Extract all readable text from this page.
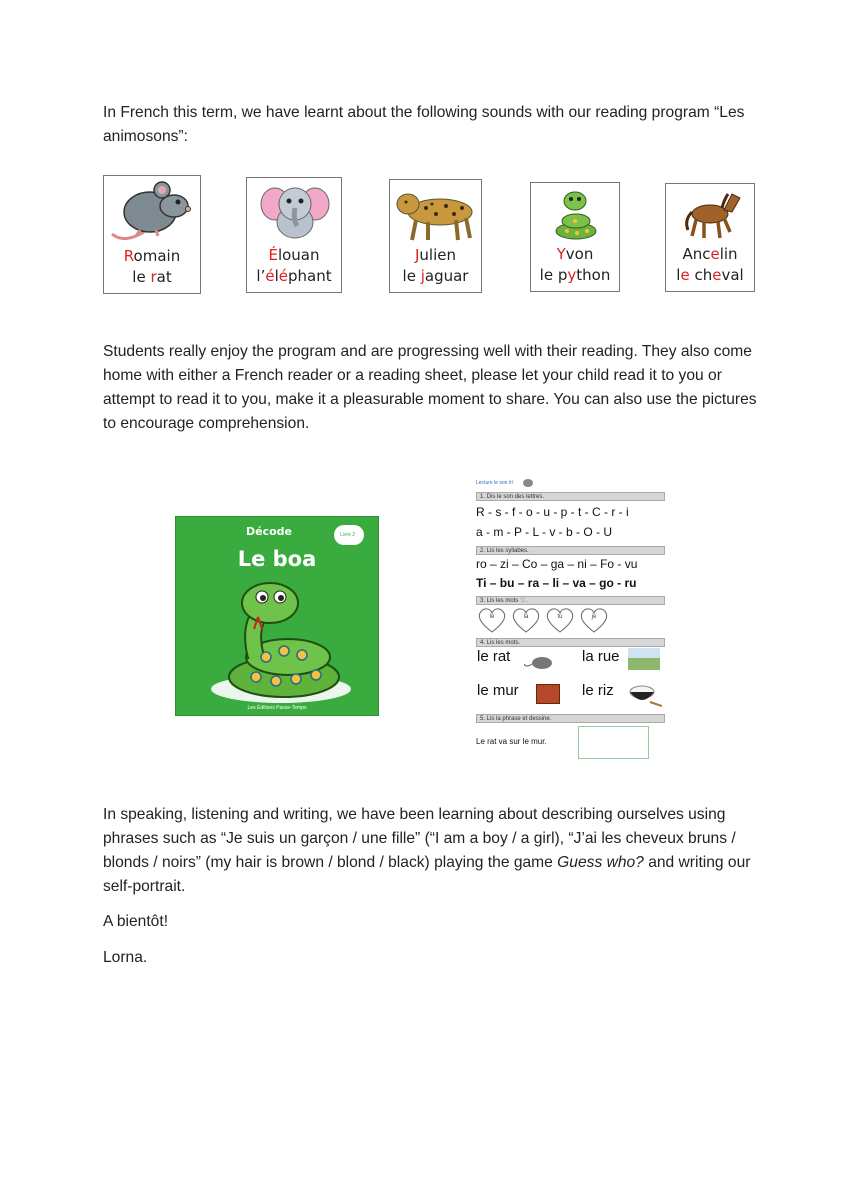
In French this term, we have learnt about the following sounds with our reading program “Les animosons”:

Romain
le rat
Élouan
l’éléphant
Julien
le jaguar
Yvon
le python
Ancelin
le cheval

Students really enjoy the program and are progressing well with their reading. They also come home with either a French reader or a reading sheet, please let your child read it to you or attempt to read it to you, make it a pleasurable moment to share. You can also use the pictures to encourage comprehension.

Décode	Livre 2 · niveau
Le boa
Les Éditions Passe-Temps
Lecture le son /r/
1. Dis le son des lettres.
R - s - f - o - u - p - t - C - r - i
a - m - P - L - v - b - O - U
2. Lis les syllabes.
ro – zi – Co – ga – ni – Fo - vu
Ti – bu – ra – li – va – go - ru
3. Lis les mots ♡.
le	la	tu	je
4. Lis les mots.
le rat	la rue
le mur	le riz
5. Lis la phrase et dessine.
Le rat va sur le mur.

In speaking, listening and writing, we have been learning about describing ourselves using phrases such as “Je suis un garçon / une fille” (“I am a boy / a girl), “J’ai les cheveux bruns / blonds / noirs” (my hair is brown / blond / black) playing the game Guess who? and writing our self-portrait.

A bientôt!

Lorna.
